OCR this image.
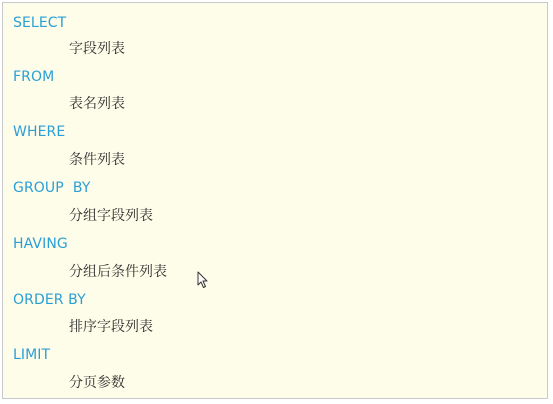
SELECT
字段列表
FROM
表名列表
WHERE
条件列表
GROUP  BY
分组字段列表
HAVING
分组后条件列表
ORDER BY
排序字段列表
LIMIT
分页参数
